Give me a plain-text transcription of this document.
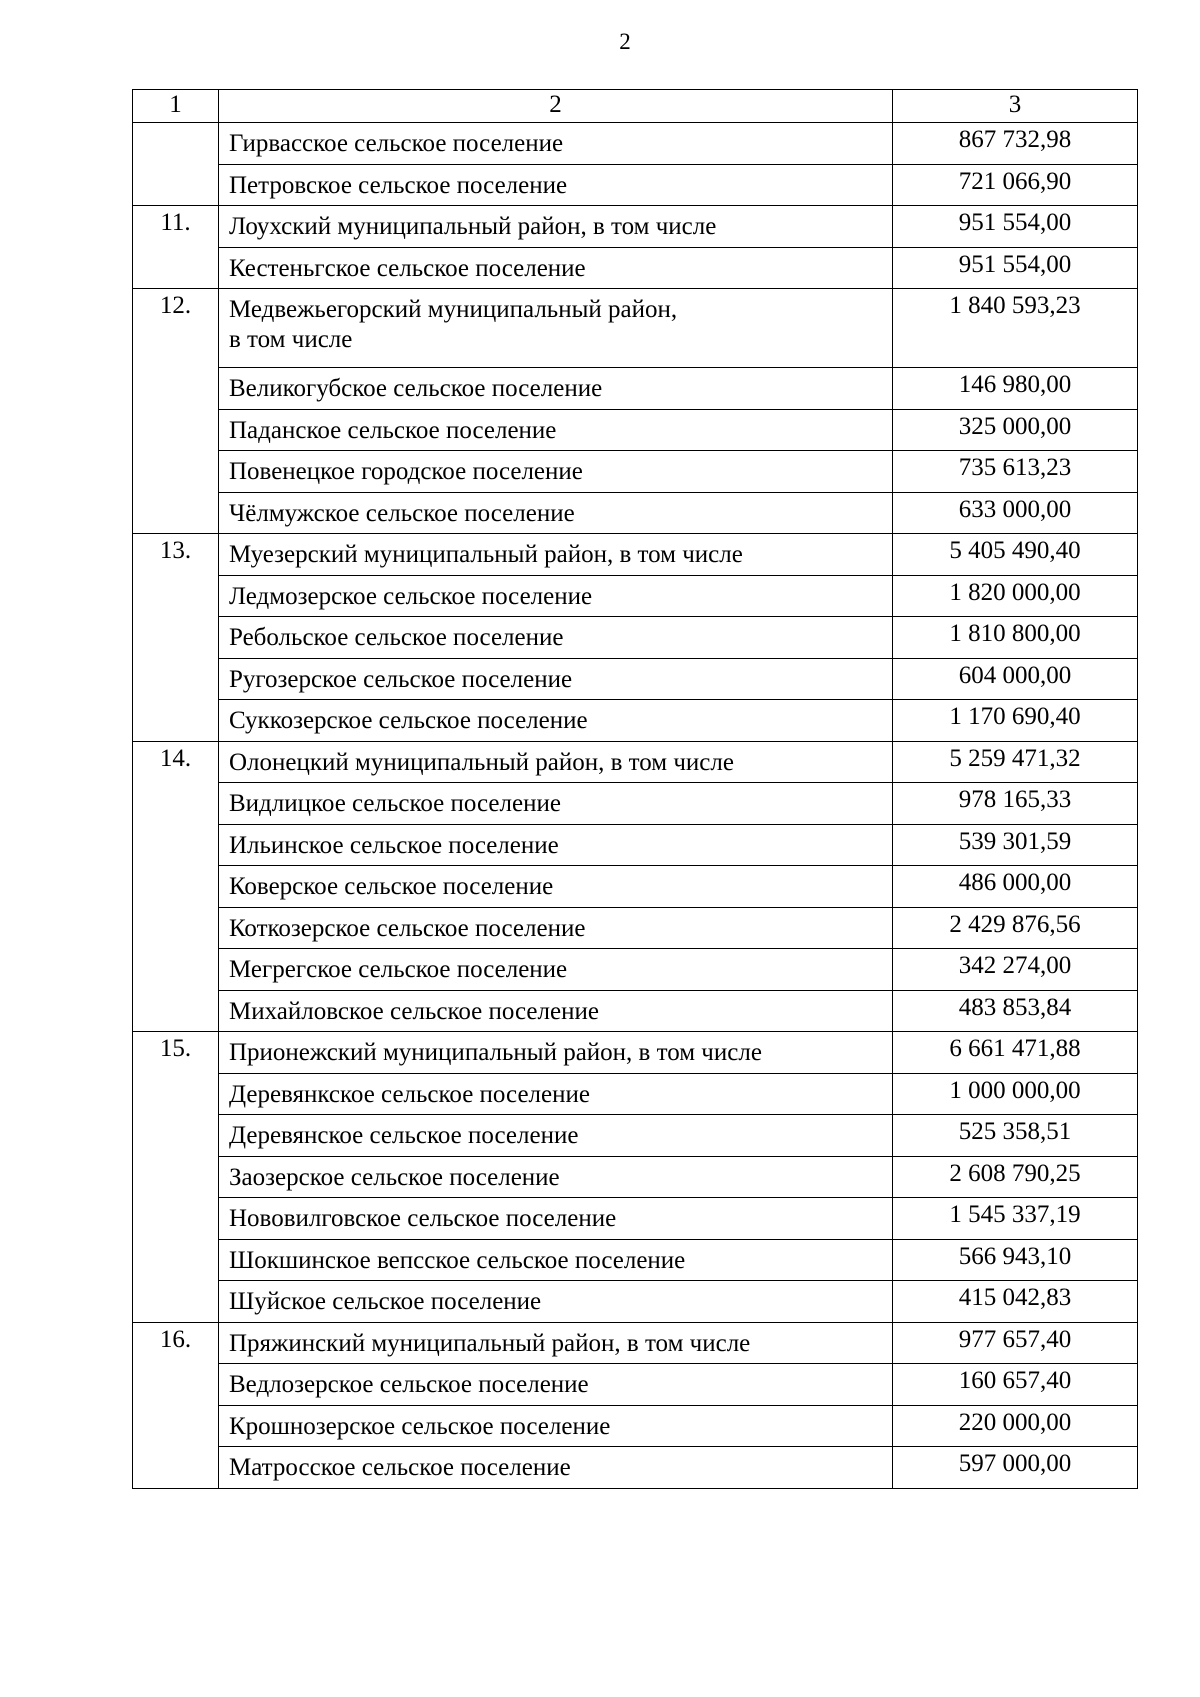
2
1	2	3

	Гирвасское сельское поселение	867 732,98

	Петровское сельское поселение	721 066,90

11.	Лоухский муниципальный район, в том числе	951 554,00

	Кестеньгское сельское поселение	951 554,00

12.	Медвежьегорский муниципальный район,
в том числе	1 840 593,23

	Великогубское сельское поселение	146 980,00

	Паданское сельское поселение	325 000,00

	Повенецкое городское поселение	735 613,23

	Чёлмужское сельское поселение	633 000,00

13.	Муезерский муниципальный район, в том числе	5 405 490,40

	Ледмозерское сельское поселение	1 820 000,00

	Ребольское сельское поселение	1 810 800,00

	Ругозерское сельское поселение	604 000,00

	Суккозерское сельское поселение	1 170 690,40

14.	Олонецкий муниципальный район, в том числе	5 259 471,32

	Видлицкое сельское поселение	978 165,33

	Ильинское сельское поселение	539 301,59

	Коверское сельское поселение	486 000,00

	Коткозерское сельское поселение	2 429 876,56

	Мегрегское сельское поселение	342 274,00

	Михайловское сельское поселение	483 853,84

15.	Прионежский муниципальный район, в том числе	6 661 471,88

	Деревянкское сельское поселение	1 000 000,00

	Деревянское сельское поселение	525 358,51

	Заозерское сельское поселение	2 608 790,25

	Нововилговское сельское поселение	1 545 337,19

	Шокшинское вепсское сельское поселение	566 943,10

	Шуйское сельское поселение	415 042,83

16.	Пряжинский муниципальный район, в том числе	977 657,40

	Ведлозерское сельское поселение	160 657,40

	Крошнозерское сельское поселение	220 000,00

	Матросское сельское поселение	597 000,00
